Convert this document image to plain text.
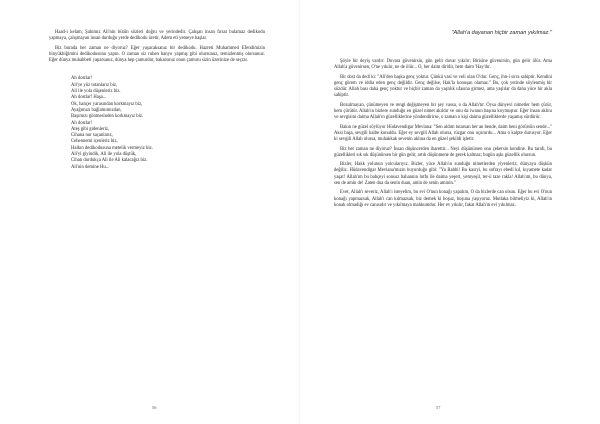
Haad-i kelam, Şahımız Ali'nin bütün sözleri doğru ve yerindedir. Çalışan insan fırsat bulamaz dedikodu yapmaya, çalışmayan insan durduğu yerde dedikodu üretir, Adem eti yemeye başlar.

Biz burada her zaman ne diyoruz? Eğer yaşacaksanız bir dedikodu. Hazreti Muhammed Efendimizin binyükbiğimini dedikodusunu yapın. O zaman siz ruhen hanyo yapmış gibi olursunuz, temizlenmiş olursunuz. Eğer dünya muhabbeti yaparsanız, dünya hep çamurdur, bakarsınız onun çamuru sizin üzerinize de seçrar.

Ah dostlar!
Ali'ye yüz tutanlarız biz,
Ali ile yola düşenleriz biz.
Ah dostlar! Haşa...
Ok, hançer yarasından korkmayız biz,
Ayağımızı bağlamımızdan,
Başımızı gönmesinden korkmayız biz.
Ah dostlar!
Ateş gibi gidenleriz,
Cihana nur saçanlarız,
Cehennemi içenleriz biz,
Halkın dedikodusuna metelik vermeyiz biz.
Ali'yi giyindik, Ali ile yola düştük,
Cihan durdukça Ali ile Ali kalacağız biz.
Ali'nin demine Hu...
56
"Allah'a dayanan hiçbir zaman yıkılmaz."

Şöyle bir deyiş vardır: Duvara güvenirsin, gün gelir duvar yıkılır; Birisine güvenirsin, gün gelir ölür. Ama Allah'a güvenirsen, O'ne yıkılır, ne de ölür... O, her daim diridir, hem daim 'Hay'dır.

Bir dost da dedi ki: "Ali'den başka genç yoktur. Çünkü vasi ve veli olan O'dur. Genç, ihn-i sırra sahiptir. Kendini genç görem ve iddia eden genç değildir. Genç değilse, Hak'la konuşan olamaz." Bu, çok yerinde söylenmiş bir sözdür. Allah bası daha genç yoktur ve hiçbir zaman da yaşlılık ufasına girmez, ama yaşlılar da daha yüce bir akla sahiptir.

Bozulmayan, çünümeyen ve rengi değişmeyen bir şey vassa, o da Allah'tır. Oysa dünyevi nimetler hem çürür, hem çürütür. Allah'ın bizlere sunduğu en güzel nimet akıldır ve onu da iwanın başına koymuştur. Eğer insan aklını ve sevgisini daima Allah'ın güzelliklerine yöndendirirse, o zaman o kişi daima güzelliklerde yaşamış sürdürür.

Bakın ne güzel söylüyor Hüdavendigar Mevlana: "Sen aldım tutarsan her an bende, daim beni görürsün sende..." Aksi başa, sevgili kalbe konuldu. Eğer ey sevgili Allah olursa, rüzgar onu uçururdu... Ama o kalpte durusyor. Eğer ki sevgili Allah olursa, muhakkak sevenin aklına da en güzel şekildi işletir.

Biz her zaman ne diyoruz? İnsan düşüncerden ibarettir... Neyi düşünürsen onu çekersin kendine. Bu tarafı, bu güzellikleri sık sık düşünürsen bir gün gelir, artık düşünmene de gerek kalmaz; bugün aşkı güzellik olursun.

Bizler, Hakk yolunun yolcularıyız. Bizler, yüce Allah'ın sunduğu nimetlerden yiyenleriz; dünyaya düşkün değiliz. Hüdavendigar Mevlana'mızın buyurduğu gibi: "Ya Rabbi! Bu kasryi, bu sofrayı ebedi kıl, kıyamete kadar yaşat! Allah'ım bu bahçeyi sonsuz bahannın lutfu ile daima yeşert, yemyeşil, ter-ü taze rakla! Allah'ım, bu dünya, sen de amin de! Zaten dua da senin duan, amin de senin aminin."

Evet, Allah'ı severiz, Allah'ı isteyelim, bu evi O'nun konağı yapalım, O da bizlerde can olsun. Eğer bu evi O'nun konağı yapmazsak, Allah'ı can kılmazsak, biz demek ki boşuz, boşuna yaşıyoruz. Mutlaka bilmeliyiz ki, Allah'ın konak olmadığı ev canısıdır ve yıkılmaya mahkumdur. Her ev yıkılır, fakat Allah'ın evi yıkılmaz.

57
